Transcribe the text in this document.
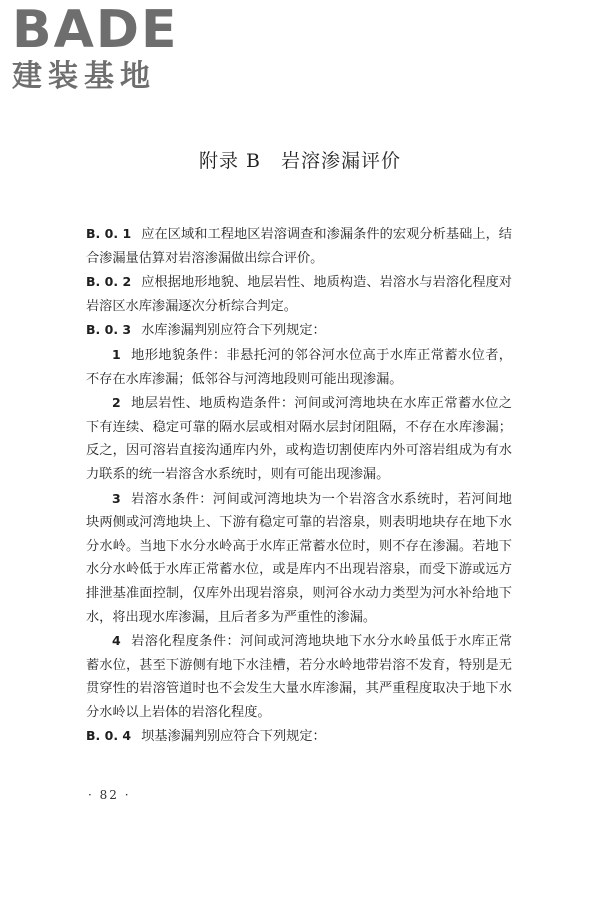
BADE
建装基地
附录 B　岩溶渗漏评价

B. 0. 1 应在区域和工程地区岩溶调查和渗漏条件的宏观分析基础上，结合渗漏量估算对岩溶渗漏做出综合评价。

B. 0. 2 应根据地形地貌、地层岩性、地质构造、岩溶水与岩溶化程度对岩溶区水库渗漏逐次分析综合判定。

B. 0. 3 水库渗漏判别应符合下列规定：

1 地形地貌条件：非悬托河的邻谷河水位高于水库正常蓄水位者，不存在水库渗漏；低邻谷与河湾地段则可能出现渗漏。

2 地层岩性、地质构造条件：河间或河湾地块在水库正常蓄水位之下有连续、稳定可靠的隔水层或相对隔水层封闭阻隔，不存在水库渗漏；反之，因可溶岩直接沟通库内外，或构造切割使库内外可溶岩组成为有水力联系的统一岩溶含水系统时，则有可能出现渗漏。

3 岩溶水条件：河间或河湾地块为一个岩溶含水系统时，若河间地块两侧或河湾地块上、下游有稳定可靠的岩溶泉，则表明地块存在地下水分水岭。当地下水分水岭高于水库正常蓄水位时，则不存在渗漏。若地下水分水岭低于水库正常蓄水位，或是库内不出现岩溶泉，而受下游或远方排泄基准面控制，仅库外出现岩溶泉，则河谷水动力类型为河水补给地下水，将出现水库渗漏，且后者多为严重性的渗漏。

4 岩溶化程度条件：河间或河湾地块地下水分水岭虽低于水库正常蓄水位，甚至下游侧有地下水洼槽，若分水岭地带岩溶不发育，特别是无贯穿性的岩溶管道时也不会发生大量水库渗漏，其严重程度取决于地下水分水岭以上岩体的岩溶化程度。

B. 0. 4 坝基渗漏判别应符合下列规定：

· 82 ·
